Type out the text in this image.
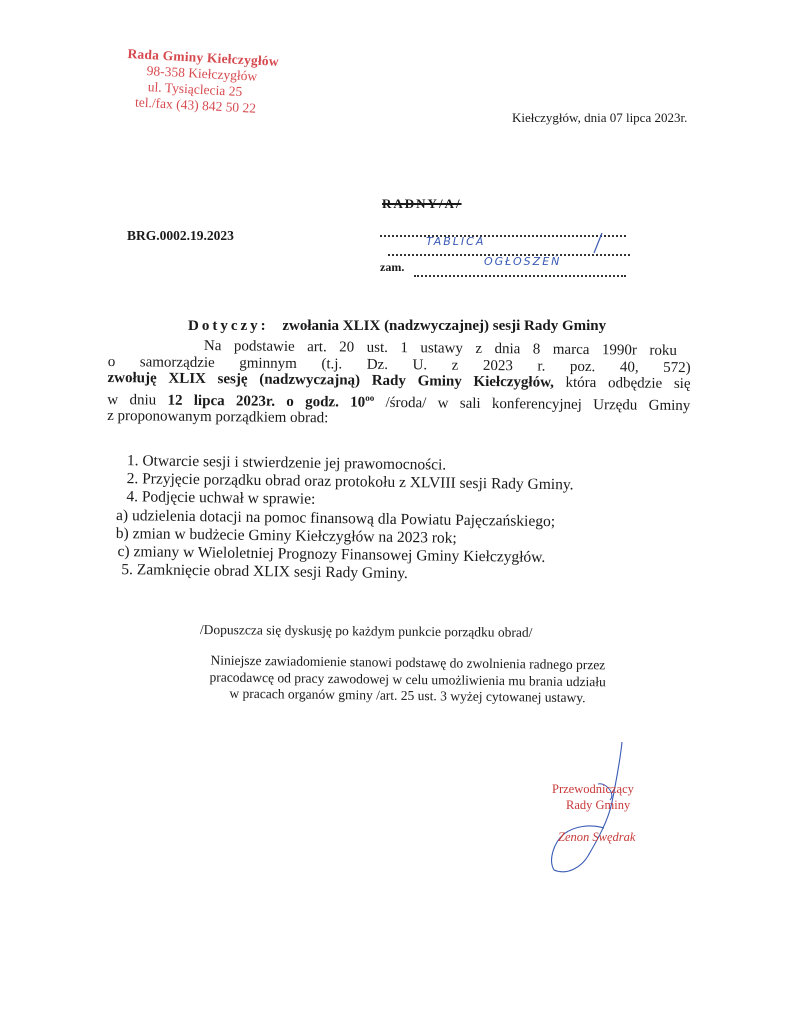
Rada Gminy Kiełczygłów
98-358 Kiełczygłów
ul. Tysiąclecia 25
tel./fax (43) 842 50 22
Kiełczygłów, dnia 07 lipca 2023r.
BRG.0002.19.2023
RADNY/A/
TABLICA
zam.	OGŁOSZEŃ
Dotyczy: zwołania XLIX (nadzwyczajnej) sesji Rady Gminy

Na podstawie art. 20 ust. 1 ustawy z dnia 8 marca 1990r roku

o samorządzie gminnym (t.j. Dz. U. z 2023 r. poz. 40, 572)

zwołuję XLIX sesję (nadzwyczajną) Rady Gminy Kiełczygłów, która odbędzie się

w dniu 12 lipca 2023r. o godz. $10^{oo}$ /środa/ w sali konferencyjnej Urzędu Gminy

z proponowanym porządkiem obrad:

1. Otwarcie sesji i stwierdzenie jej prawomocności.
2. Przyjęcie porządku obrad oraz protokołu z XLVIII sesji Rady Gminy.
4. Podjęcie uchwał w sprawie:
a) udzielenia dotacji na pomoc finansową dla Powiatu Pajęczańskiego;
b) zmian w budżecie Gminy Kiełczygłów na 2023 rok;
c) zmiany w Wieloletniej Prognozy Finansowej Gminy Kiełczygłów.
5. Zamknięcie obrad XLIX sesji Rady Gminy.
/Dopuszcza się dyskusję po każdym punkcie porządku obrad/
Niniejsze zawiadomienie stanowi podstawę do zwolnienia radnego przez
pracodawcę od pracy zawodowej w celu umożliwienia mu brania udziału
w pracach organów gminy /art. 25 ust. 3 wyżej cytowanej ustawy.
Przewodniczący
Rady Gminy
Zenon Swędrak
